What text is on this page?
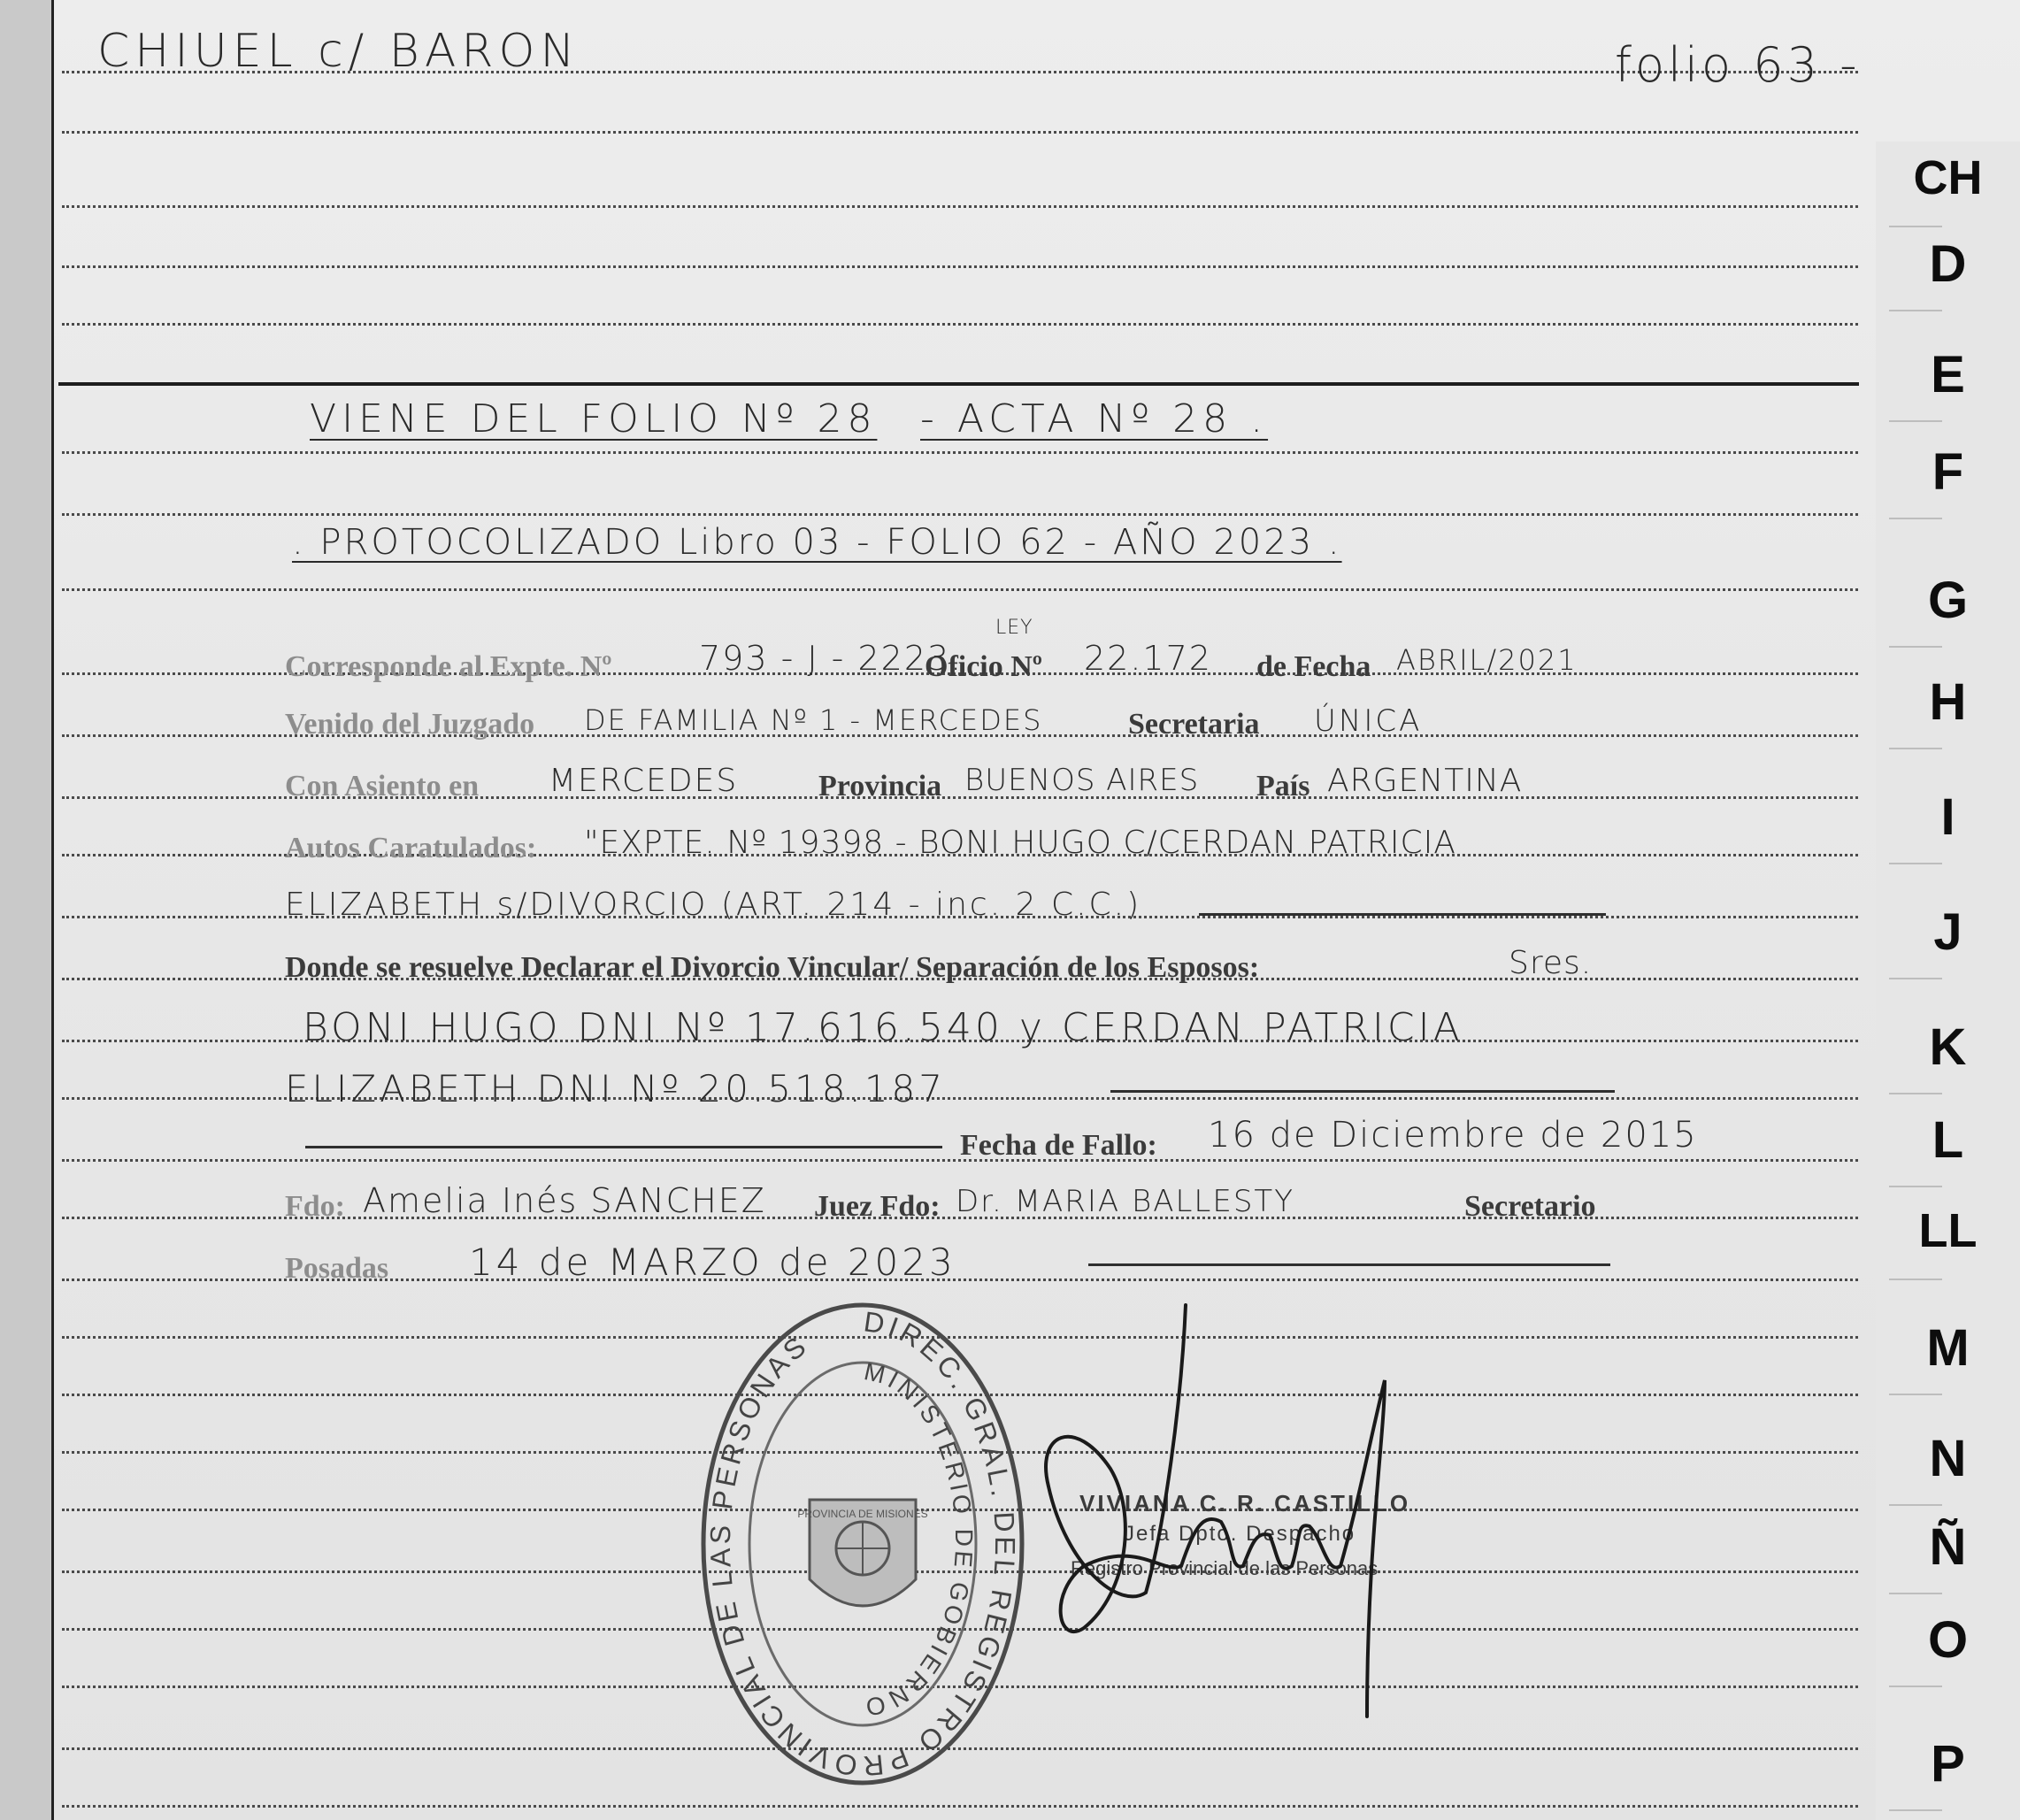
CHIUEL c/ BARON	folio 63 -
VIENE DEL FOLIO Nº 28 - ACTA Nº 28 .
. PROTOCOLIZADO Libro 03 - FOLIO 62 - AÑO 2023 .
LEY
Corresponde al Expte. Nº	793 - J - 2223.
Oficio Nº 22.172 de Fecha ABRIL/2021
Venido del Juzgado DE FAMILIA Nº 1 - MERCEDES	Secretaria ÚNICA
Con Asiento en MERCEDES	Provincia BUENOS AIRES País ARGENTINA
Autos Caratulados: "EXPTE. Nº 19398 - BONI HUGO C/CERDAN PATRICIA
ELIZABETH s/DIVORCIO (ART. 214 - inc. 2 C.C.)
Donde se resuelve Declarar el Divorcio Vincular/ Separación de los Esposos:	Sres.
BONI HUGO DNI Nº 17.616.540 y CERDAN PATRICIA
ELIZABETH DNI Nº 20.518.187
Fecha de Fallo: 16 de Diciembre de 2015
Fdo: Amelia Inés SANCHEZ Juez Fdo: Dr. MARIA BALLESTY	Secretario
Posadas 14 de MARZO de 2023
DIREC. GRAL. DEL REGISTRO PROVINCIAL DE LAS PERSONAS
MINISTERIO DE GOBIERNO
PROVINCIA DE MISIONES	VIVIANA C. R. CASTILLO
Jefa Dpto. Despacho
Registro Provincial de las Personas
CH
D
E
F
G
H
I
J
K
L
LL
M
N
Ñ
O
P
